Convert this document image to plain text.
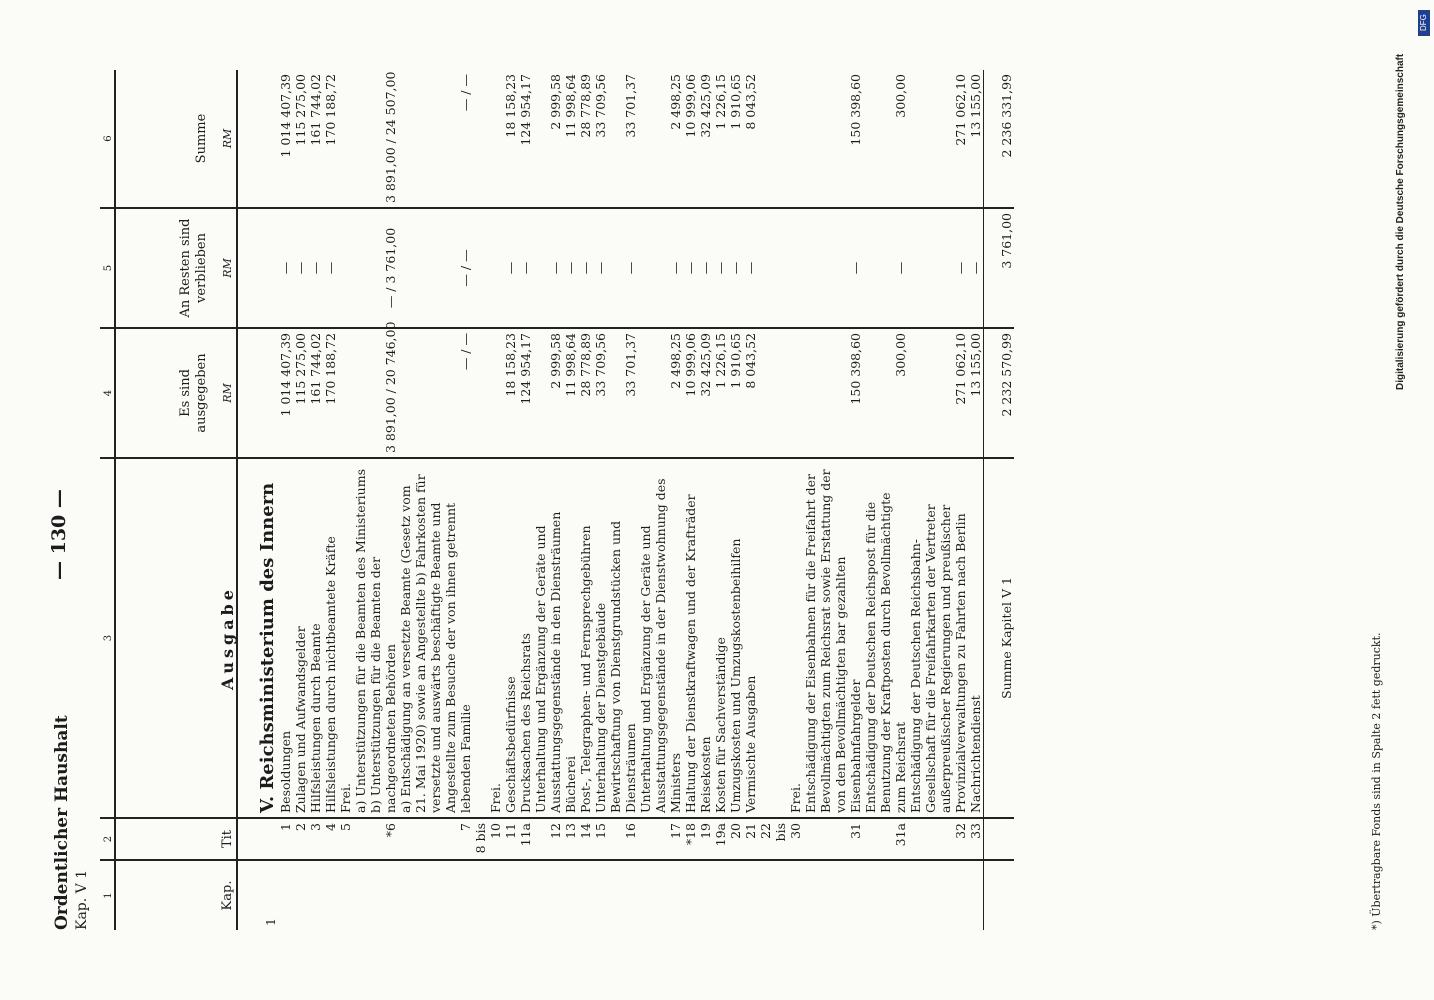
Ordentlicher Haushalt Kap. V 1
— 130 —
1	2	3	4	5	6
Kap.	Tit	Ausgabe	Es sind ausgegeben RM	An Resten sind verblieben RM	Summe RM

1		V. Reichsministerium des Innern			
	1	Besoldungen	1 014 407,39	—	1 014 407,39
	2	Zulagen und Aufwandsgelder	115 275,00	—	115 275,00
	3	Hilfsleistungen durch Beamte	161 744,02	—	161 744,02
	4	Hilfsleistungen durch nichtbeamtete Kräfte	170 188,72	—	170 188,72
	5	Frei.			
	*6	a) Unterstützungen für die Beamten des Ministeriums b) Unterstützungen für die Beamten der nachgeordneten Behörden	3 891,00 / 20 746,00	— / 3 761,00	3 891,00 / 24 507,00
	7	a) Entschädigung an versetzte Beamte (Gesetz vom 21. Mai 1920) sowie an Angestellte b) Fahrkosten für versetzte und auswärts beschäftigte Beamte und Angestellte zum Besuche der von ihnen getrennt lebenden Familie	— / —	— / —	— / —
	8 bis 10	Frei.			
	11	Geschäftsbedürfnisse	18 158,23	—	18 158,23
	11a	Drucksachen des Reichsrats	124 954,17	—	124 954,17
	12	Unterhaltung und Ergänzung der Geräte und Ausstattungsgegenstände in den Diensträumen	2 999,58	—	2 999,58
	13	Bücherei	11 998,64	—	11 998,64
	14	Post-, Telegraphen- und Fernsprechgebühren	28 778,89	—	28 778,89
	15	Unterhaltung der Dienstgebäude	33 709,56	—	33 709,56
	16	Bewirtschaftung von Dienstgrundstücken und Diensträumen	33 701,37	—	33 701,37
	17	Unterhaltung und Ergänzung der Geräte und Ausstattungsgegenstände in der Dienstwohnung des Ministers	2 498,25	—	2 498,25
	*18	Haltung der Dienstkraftwagen und der Krafträder	10 999,06	—	10 999,06
	19	Reisekosten	32 425,09	—	32 425,09
	19a	Kosten für Sachverständige	1 226,15	—	1 226,15
	20	Umzugskosten und Umzugskostenbeihilfen	1 910,65	—	1 910,65
	21	Vermischte Ausgaben	8 043,52	—	8 043,52
	22 bis 30	Frei.			
	31	Entschädigung der Eisenbahnen für die Freifahrt der Bevollmächtigten zum Reichsrat sowie Erstattung der von den Bevollmächtigten bar gezahlten Eisenbahnfahrgelder	150 398,60	—	150 398,60
	31a	Entschädigung der Deutschen Reichspost für die Benutzung der Kraftposten durch Bevollmächtigte zum Reichsrat	300,00	—	300,00
	32	Entschädigung der Deutschen Reichsbahn-Gesellschaft für die Freifahrkarten der Vertreter außerpreußischer Regierungen und preußischer Provinzialverwaltungen zu Fahrten nach Berlin	271 062,10	—	271 062,10
	33	Nachrichtendienst	13 155,00	—	13 155,00
		Summe Kapitel V 1	2 232 570,99	3 761,00	2 236 331,99
*) Übertragbare Fonds sind in Spalte 2 fett gedruckt.
Digitalisierung gefördert durch die Deutsche Forschungsgemeinschaft
DFG
